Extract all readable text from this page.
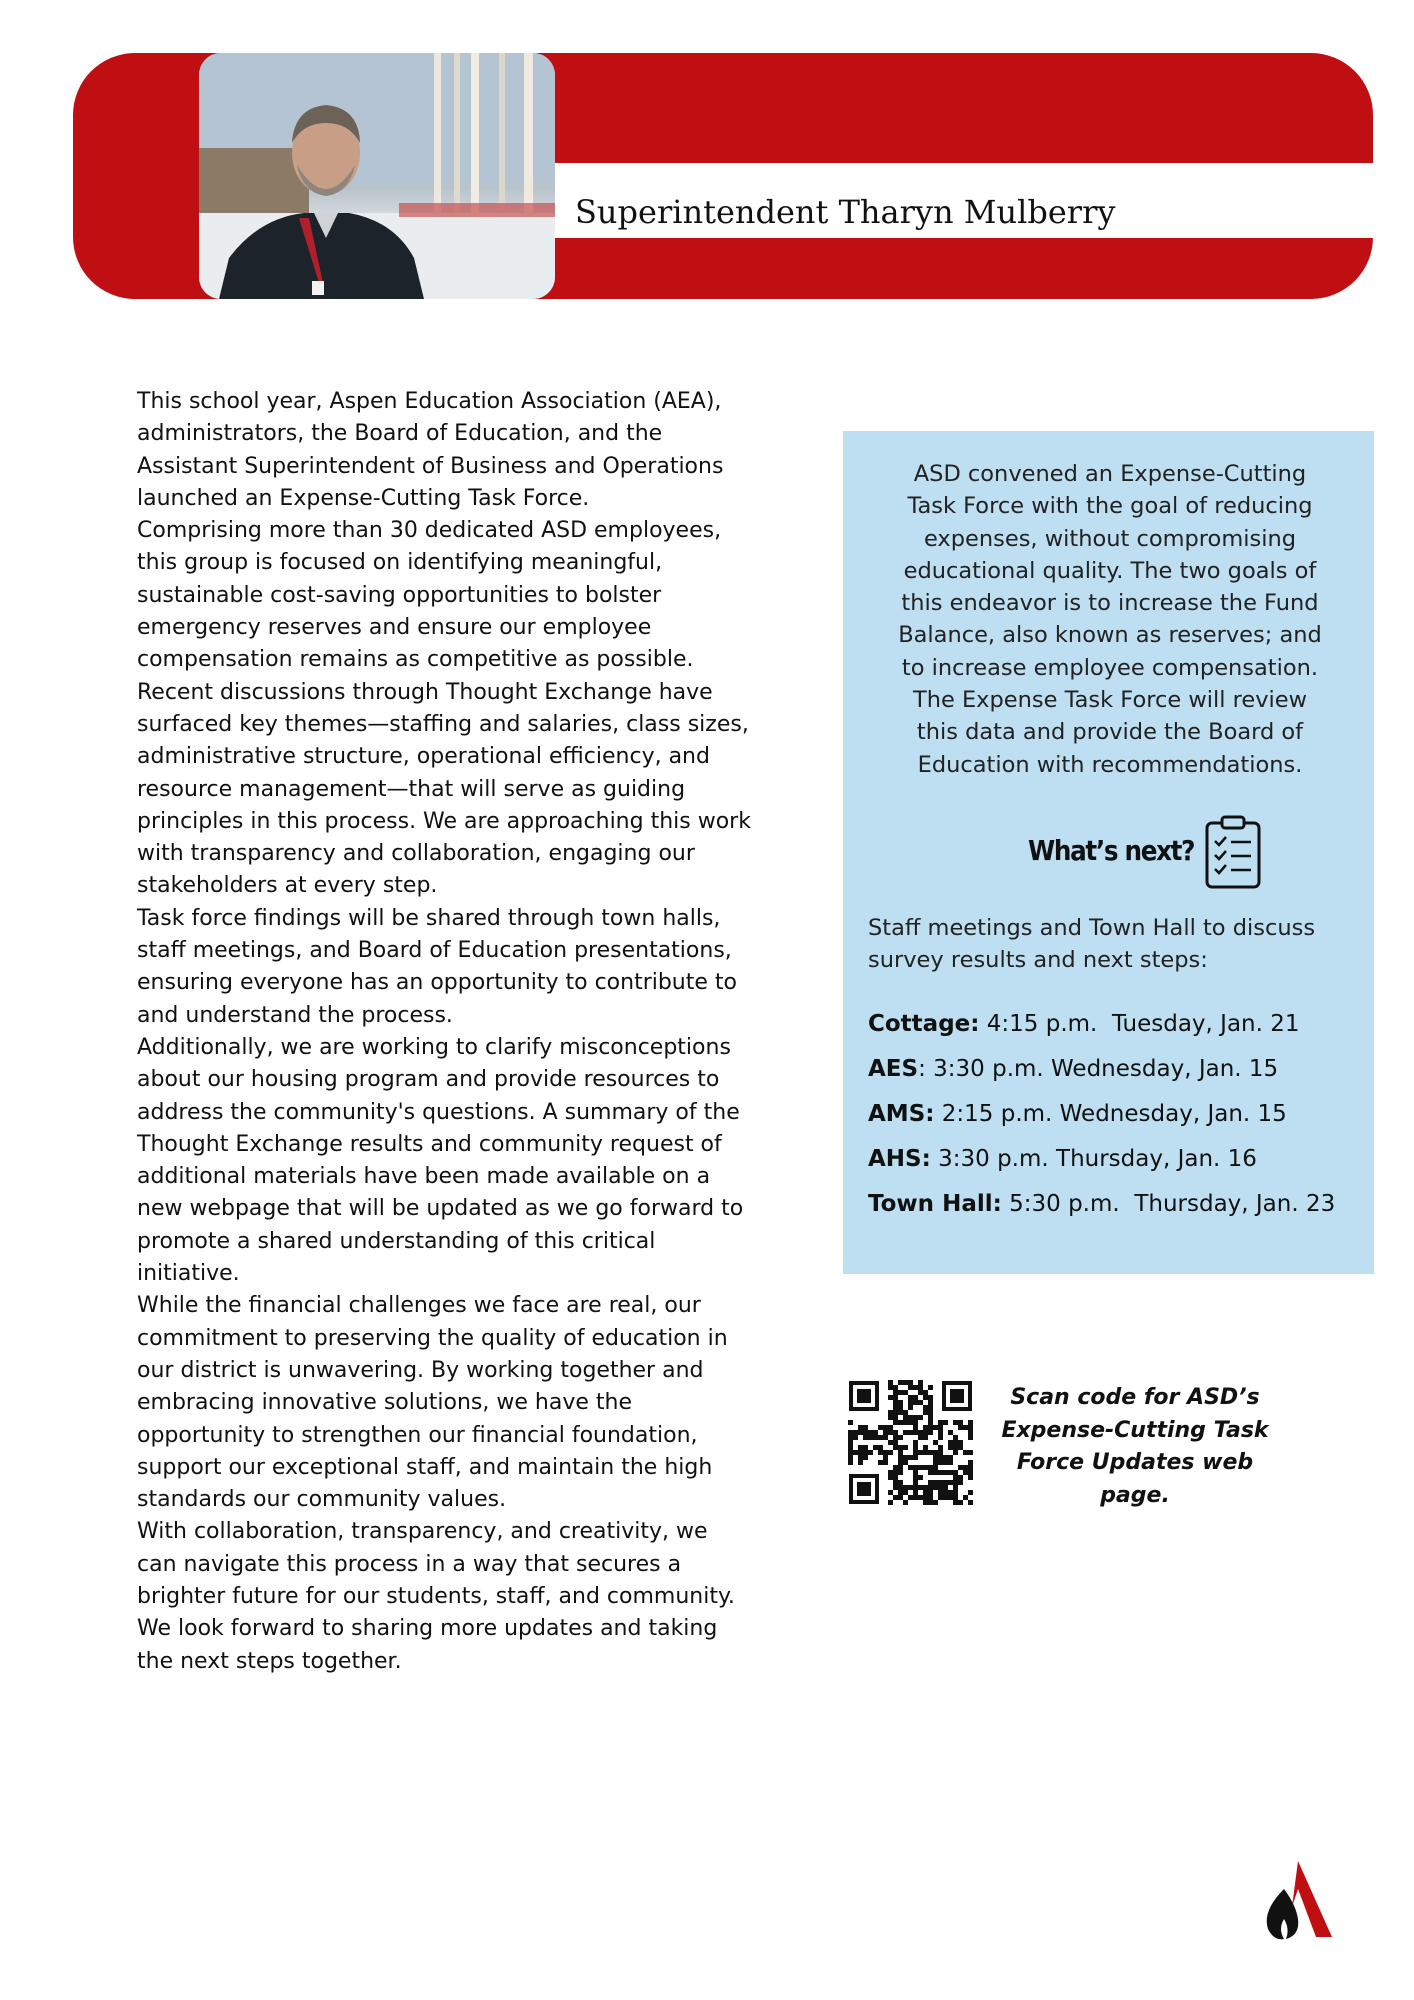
Superintendent Tharyn Mulberry

This school year, Aspen Education Association (AEA),
administrators, the Board of Education, and the
Assistant Superintendent of Business and Operations
launched an Expense-Cutting Task Force.

Comprising more than 30 dedicated ASD employees,
this group is focused on identifying meaningful,
sustainable cost-saving opportunities to bolster
emergency reserves and ensure our employee
compensation remains as competitive as possible.

Recent discussions through Thought Exchange have
surfaced key themes—staffing and salaries, class sizes,
administrative structure, operational efficiency, and
resource management—that will serve as guiding
principles in this process. We are approaching this work
with transparency and collaboration, engaging our
stakeholders at every step.

Task force findings will be shared through town halls,
staff meetings, and Board of Education presentations,
ensuring everyone has an opportunity to contribute to
and understand the process.

Additionally, we are working to clarify misconceptions
about our housing program and provide resources to
address the community's questions. A summary of the
Thought Exchange results and community request of
additional materials have been made available on a
new webpage that will be updated as we go forward to
promote a shared understanding of this critical
initiative.

While the financial challenges we face are real, our
commitment to preserving the quality of education in
our district is unwavering. By working together and
embracing innovative solutions, we have the
opportunity to strengthen our financial foundation,
support our exceptional staff, and maintain the high
standards our community values.

With collaboration, transparency, and creativity, we
can navigate this process in a way that secures a
brighter future for our students, staff, and community.
We look forward to sharing more updates and taking
the next steps together.

ASD convened an Expense-Cutting
Task Force with the goal of reducing
expenses, without compromising
educational quality. The two goals of
this endeavor is to increase the Fund
Balance, also known as reserves; and
to increase employee compensation.
The Expense Task Force will review
this data and provide the Board of
Education with recommendations.
What’s next?
Staff meetings and Town Hall to discuss
survey results and next steps:
Cottage: 4:15 p.m.  Tuesday, Jan. 21
AES: 3:30 p.m. Wednesday, Jan. 15
AMS: 2:15 p.m. Wednesday, Jan. 15
AHS: 3:30 p.m. Thursday, Jan. 16
Town Hall: 5:30 p.m.  Thursday, Jan. 23
Scan code for ASD’s
Expense-Cutting Task
Force Updates web
page.
